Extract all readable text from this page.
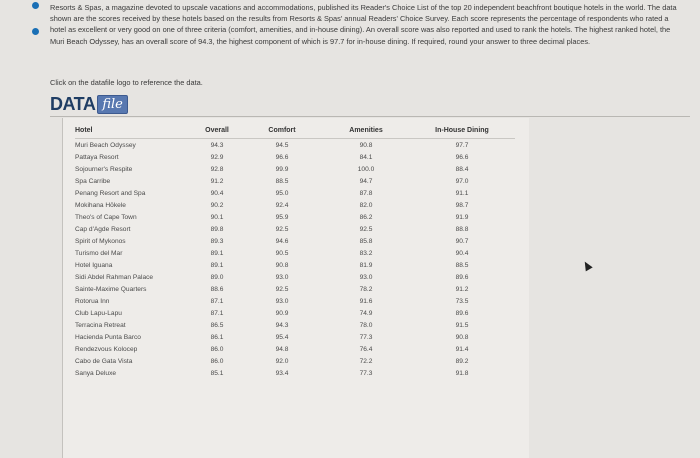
Resorts & Spas, a magazine devoted to upscale vacations and accommodations, published its Reader's Choice List of the top 20 independent beachfront boutique hotels in the world. The data shown are the scores received by these hotels based on the results from Resorts & Spas' annual Readers' Choice Survey. Each score represents the percentage of respondents who rated a hotel as excellent or very good on one of three criteria (comfort, amenities, and in-house dining). An overall score was also reported and used to rank the hotels. The highest ranked hotel, the Muri Beach Odyssey, has an overall score of 94.3, the highest component of which is 97.7 for in-house dining. If required, round your answer to three decimal places.

Click on the datafile logo to reference the data.
DATA file
Hotel	Overall	Comfort	Amenities	In-House Dining
Muri Beach Odyssey	94.3	94.5	90.8	97.7
Pattaya Resort	92.9	96.6	84.1	96.6
Sojourner's Respite	92.8	99.9	100.0	88.4
Spa Carribe	91.2	88.5	94.7	97.0
Penang Resort and Spa	90.4	95.0	87.8	91.1
Mokihana Hōkele	90.2	92.4	82.0	98.7
Theo's of Cape Town	90.1	95.9	86.2	91.9
Cap d'Agde Resort	89.8	92.5	92.5	88.8
Spirit of Mykonos	89.3	94.6	85.8	90.7
Turismo del Mar	89.1	90.5	83.2	90.4
Hotel Iguana	89.1	90.8	81.9	88.5
Sidi Abdel Rahman Palace	89.0	93.0	93.0	89.6
Sainte-Maxime Quarters	88.6	92.5	78.2	91.2
Rotorua Inn	87.1	93.0	91.6	73.5
Club Lapu-Lapu	87.1	90.9	74.9	89.6
Terracina Retreat	86.5	94.3	78.0	91.5
Hacienda Punta Barco	86.1	95.4	77.3	90.8
Rendezvous Kolocep	86.0	94.8	76.4	91.4
Cabo de Gata Vista	86.0	92.0	72.2	89.2
Sanya Deluxe	85.1	93.4	77.3	91.8
